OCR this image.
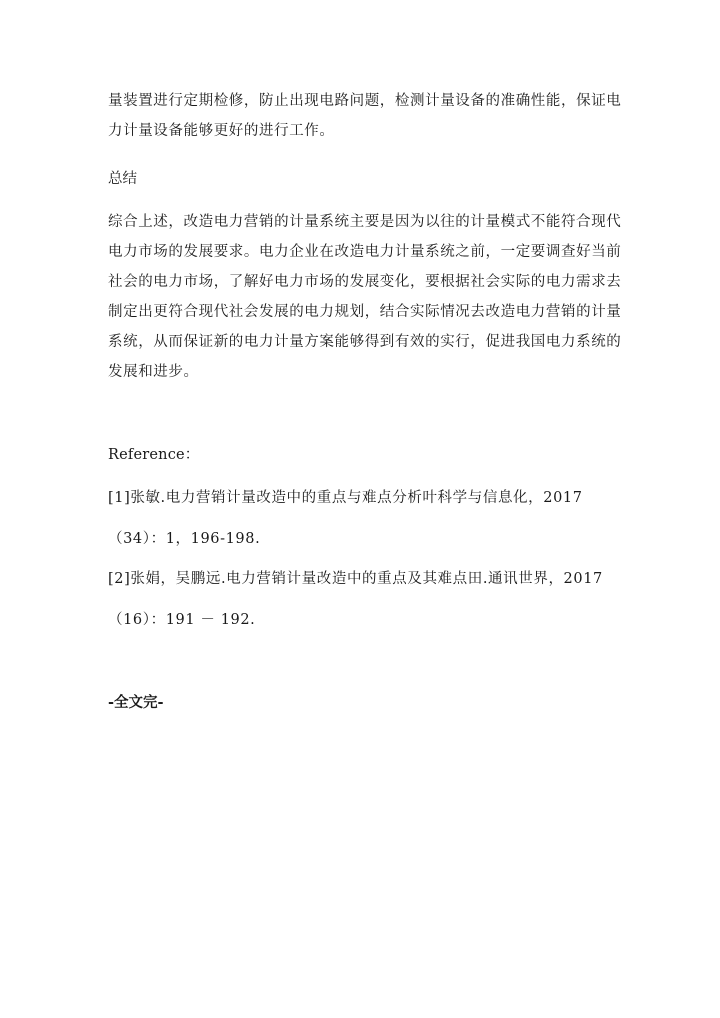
量装置进行定期检修，防止出现电路问题，检测计量设备的准确性能，保证电
力计量设备能够更好的进行工作。
总结
综合上述，改造电力营销的计量系统主要是因为以往的计量模式不能符合现代
电力市场的发展要求。电力企业在改造电力计量系统之前，一定要调查好当前
社会的电力市场，了解好电力市场的发展变化，要根据社会实际的电力需求去
制定出更符合现代社会发展的电力规划，结合实际情况去改造电力营销的计量
系统，从而保证新的电力计量方案能够得到有效的实行，促进我国电力系统的
发展和进步。
Reference：
[1]张敏.电力营销计量改造中的重点与难点分析叶科学与信息化，2017
（34）：1，196-198.
[2]张娟，吴鹏远.电力营销计量改造中的重点及其难点田.通讯世界，2017
（16）：191 － 192.
-全文完-
